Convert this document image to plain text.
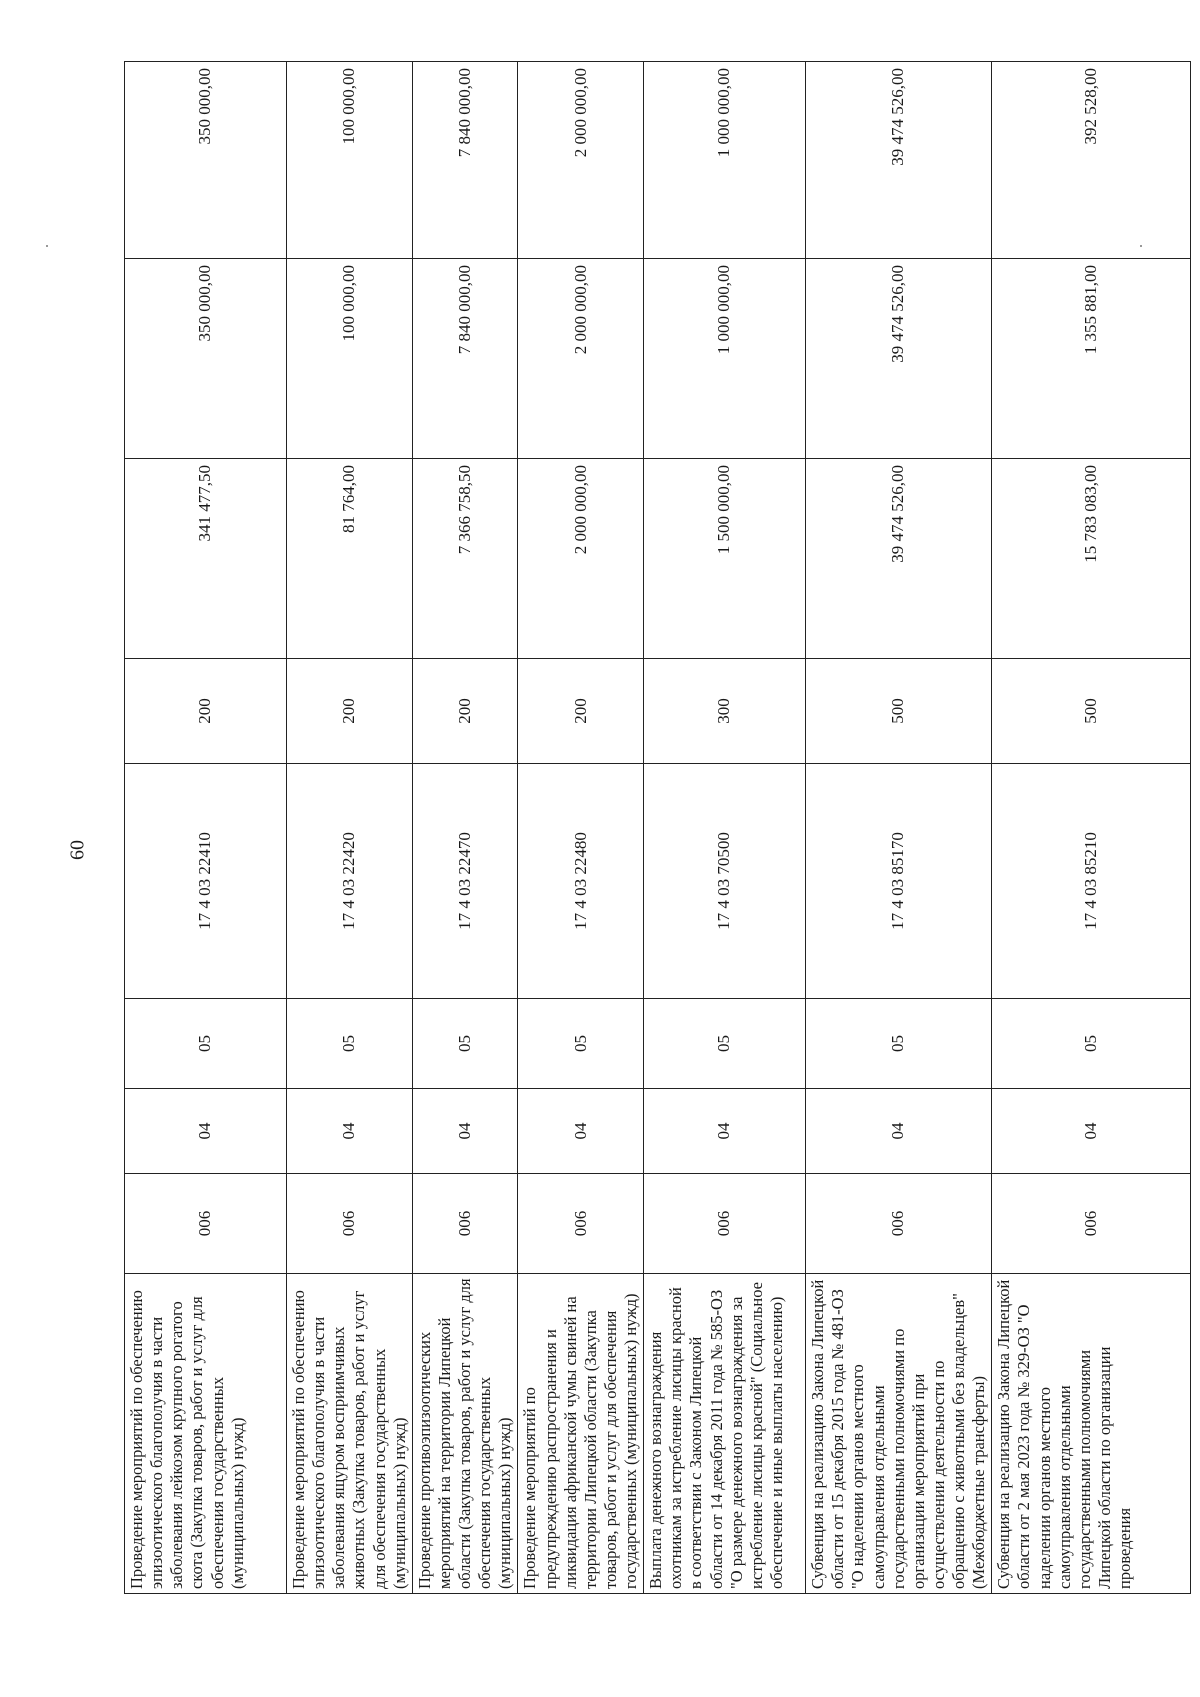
60
Проведение мероприятий по обеспечению эпизоотического благополучия в части заболевания лейкозом крупного рогатого скота (Закупка товаров, работ и услуг для обеспечения государственных (муниципальных) нужд)	006	04	05	17 4 03 22410	200	341 477,50	350 000,00	350 000,00
Проведение мероприятий по обеспечению эпизоотического благополучия в части заболевания ящуром восприимчивых животных (Закупка товаров, работ и услуг для обеспечения государственных (муниципальных) нужд)	006	04	05	17 4 03 22420	200	81 764,00	100 000,00	100 000,00
Проведение противоэпизоотических мероприятий на территории Липецкой области (Закупка товаров, работ и услуг для обеспечения государственных (муниципальных) нужд)	006	04	05	17 4 03 22470	200	7 366 758,50	7 840 000,00	7 840 000,00
Проведение мероприятий по предупреждению распространения и ликвидация африканской чумы свиней на территории Липецкой области (Закупка товаров, работ и услуг для обеспечения государственных (муниципальных) нужд)	006	04	05	17 4 03 22480	200	2 000 000,00	2 000 000,00	2 000 000,00
Выплата денежного вознаграждения охотникам за истребление лисицы красной в соответствии с Законом Липецкой области от 14 декабря 2011 года № 585-ОЗ "О размере денежного вознаграждения за истребление лисицы красной" (Социальное обеспечение и иные выплаты населению)	006	04	05	17 4 03 70500	300	1 500 000,00	1 000 000,00	1 000 000,00
Субвенция на реализацию Закона Липецкой области от 15 декабря 2015 года № 481-ОЗ "О наделении органов местного самоуправления отдельными государственными полномочиями по организации мероприятий при осуществлении деятельности по обращению с животными без владельцев" (Межбюджетные трансферты)	006	04	05	17 4 03 85170	500	39 474 526,00	39 474 526,00	39 474 526,00
Субвенция на реализацию Закона Липецкой области от 2 мая 2023 года № 329-ОЗ "О наделении органов местного самоуправления отдельными государственными полномочиями Липецкой области по организации проведения	006	04	05	17 4 03 85210	500	15 783 083,00	1 355 881,00	392 528,00
